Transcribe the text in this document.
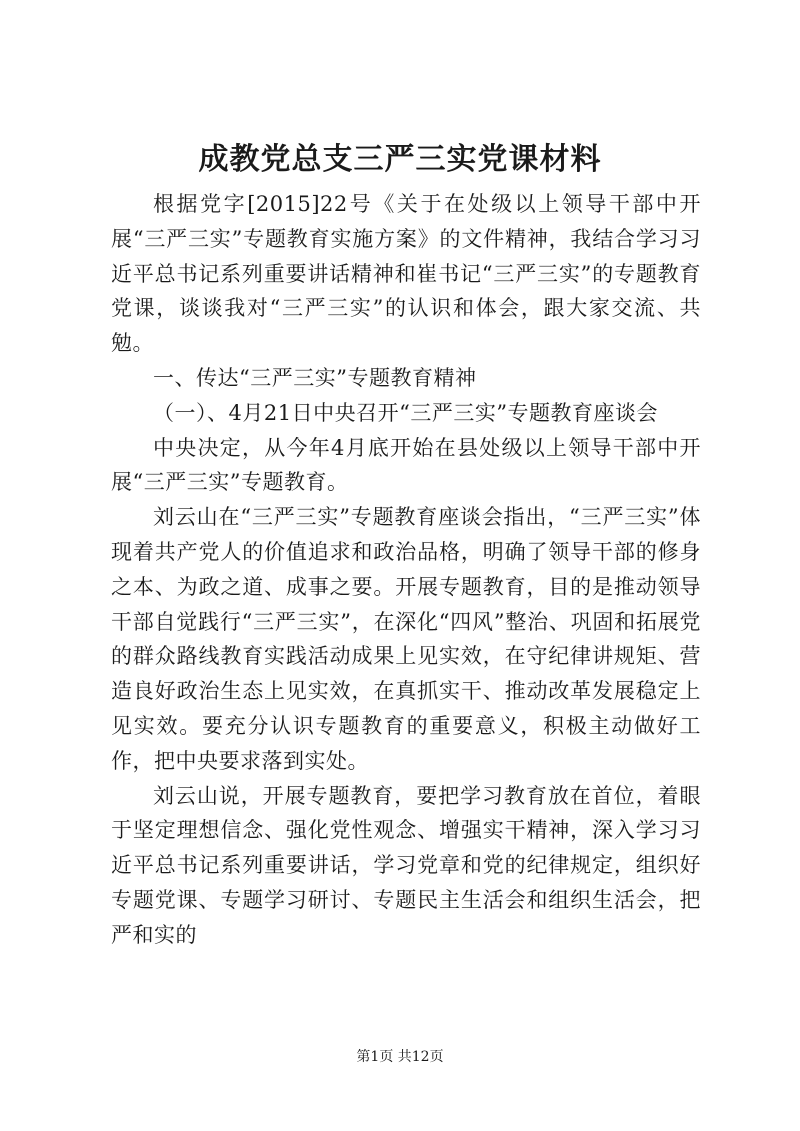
成教党总支三严三实党课材料

根据党字[2015]22号《关于在处级以上领导干部中开展“三严三实”专题教育实施方案》的文件精神，我结合学习习近平总书记系列重要讲话精神和崔书记“三严三实”的专题教育党课，谈谈我对“三严三实”的认识和体会，跟大家交流、共勉。

一、传达“三严三实”专题教育精神

（一）、4月21日中央召开“三严三实”专题教育座谈会

中央决定，从今年4月底开始在县处级以上领导干部中开展“三严三实”专题教育。

刘云山在“三严三实”专题教育座谈会指出，“三严三实”体现着共产党人的价值追求和政治品格，明确了领导干部的修身之本、为政之道、成事之要。开展专题教育，目的是推动领导干部自觉践行“三严三实”，在深化“四风”整治、巩固和拓展党的群众路线教育实践活动成果上见实效，在守纪律讲规矩、营造良好政治生态上见实效，在真抓实干、推动改革发展稳定上见实效。要充分认识专题教育的重要意义，积极主动做好工作，把中央要求落到实处。

刘云山说，开展专题教育，要把学习教育放在首位，着眼于坚定理想信念、强化党性观念、增强实干精神，深入学习习近平总书记系列重要讲话，学习党章和党的纪律规定，组织好专题党课、专题学习研讨、专题民主生活会和组织生活会，把严和实的

第1页 共12页
